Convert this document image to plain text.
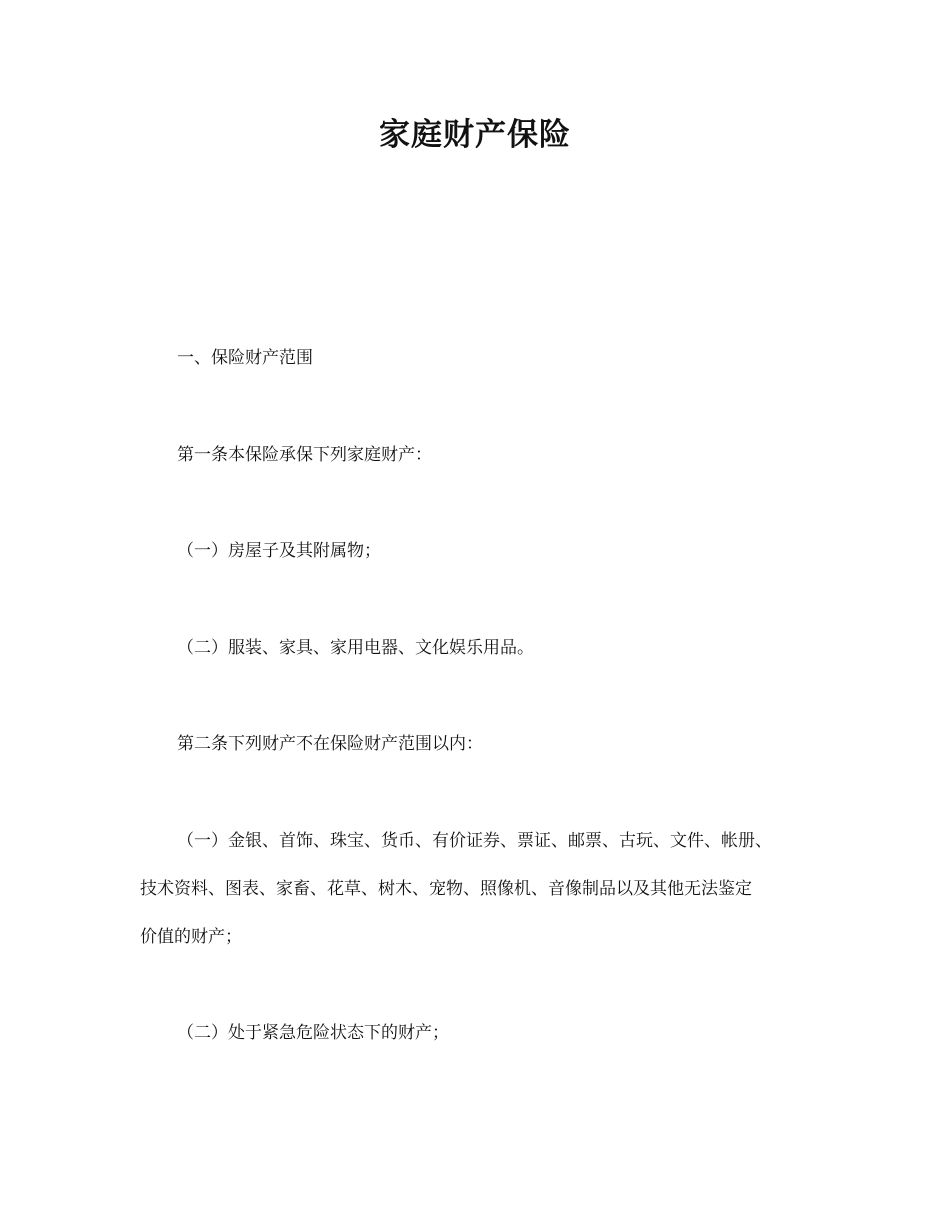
家庭财产保险
一、保险财产范围
第一条本保险承保下列家庭财产：
（一）房屋子及其附属物；
（二）服装、家具、家用电器、文化娱乐用品。
第二条下列财产不在保险财产范围以内：
（一）金银、首饰、珠宝、货币、有价证券、票证、邮票、古玩、文件、帐册、
技术资料、图表、家畜、花草、树木、宠物、照像机、音像制品以及其他无法鉴定
价值的财产；
（二）处于紧急危险状态下的财产；
